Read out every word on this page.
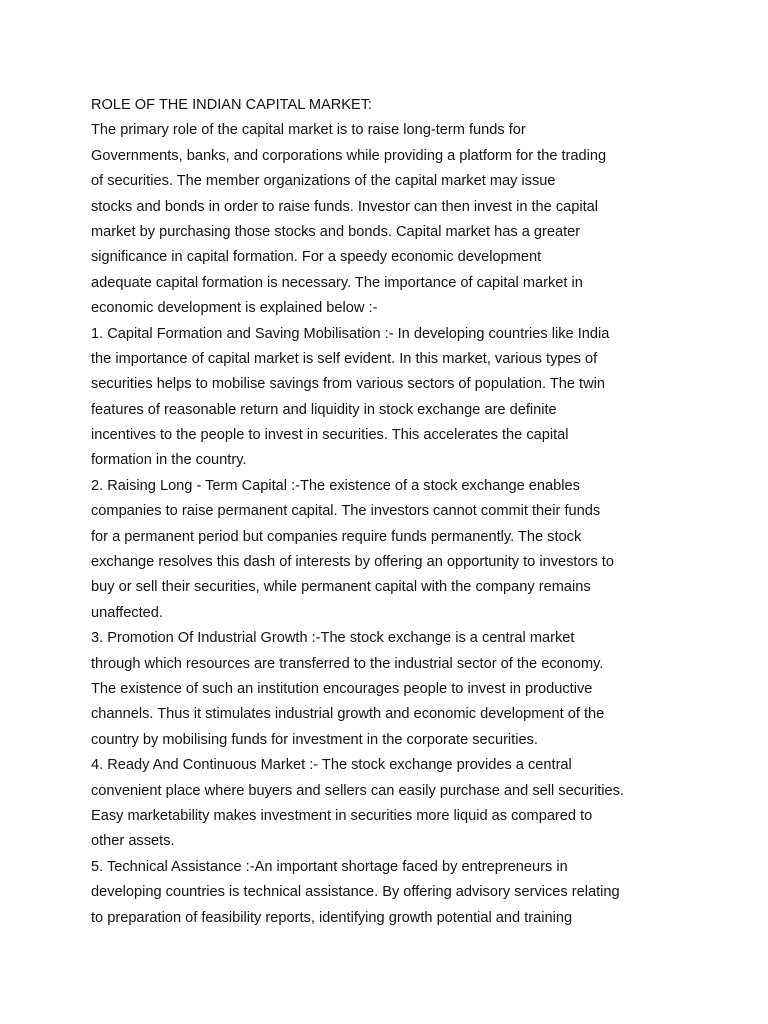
ROLE OF THE INDIAN CAPITAL MARKET:
The primary role of the capital market is to raise long-term funds for
Governments, banks, and corporations while providing a platform for the trading
of securities. The member organizations of the capital market may issue
stocks and bonds in order to raise funds. Investor can then invest in the capital
market by purchasing those stocks and bonds. Capital market has a greater
significance in capital formation. For a speedy economic development
adequate capital formation is necessary. The importance of capital market in
economic development is explained below :-
1. Capital Formation and Saving Mobilisation :- In developing countries like India
the importance of capital market is self evident. In this market, various types of
securities helps to mobilise savings from various sectors of population. The twin
features of reasonable return and liquidity in stock exchange are definite
incentives to the people to invest in securities. This accelerates the capital
formation in the country.
2. Raising Long - Term Capital :-The existence of a stock exchange enables
companies to raise permanent capital. The investors cannot commit their funds
for a permanent period but companies require funds permanently. The stock
exchange resolves this dash of interests by offering an opportunity to investors to
buy or sell their securities, while permanent capital with the company remains
unaffected.
3. Promotion Of Industrial Growth :-The stock exchange is a central market
through which resources are transferred to the industrial sector of the economy.
The existence of such an institution encourages people to invest in productive
channels. Thus it stimulates industrial growth and economic development of the
country by mobilising funds for investment in the corporate securities.
4. Ready And Continuous Market :- The stock exchange provides a central
convenient place where buyers and sellers can easily purchase and sell securities.
Easy marketability makes investment in securities more liquid as compared to
other assets.
5. Technical Assistance :-An important shortage faced by entrepreneurs in
developing countries is technical assistance. By offering advisory services relating
to preparation of feasibility reports, identifying growth potential and training
